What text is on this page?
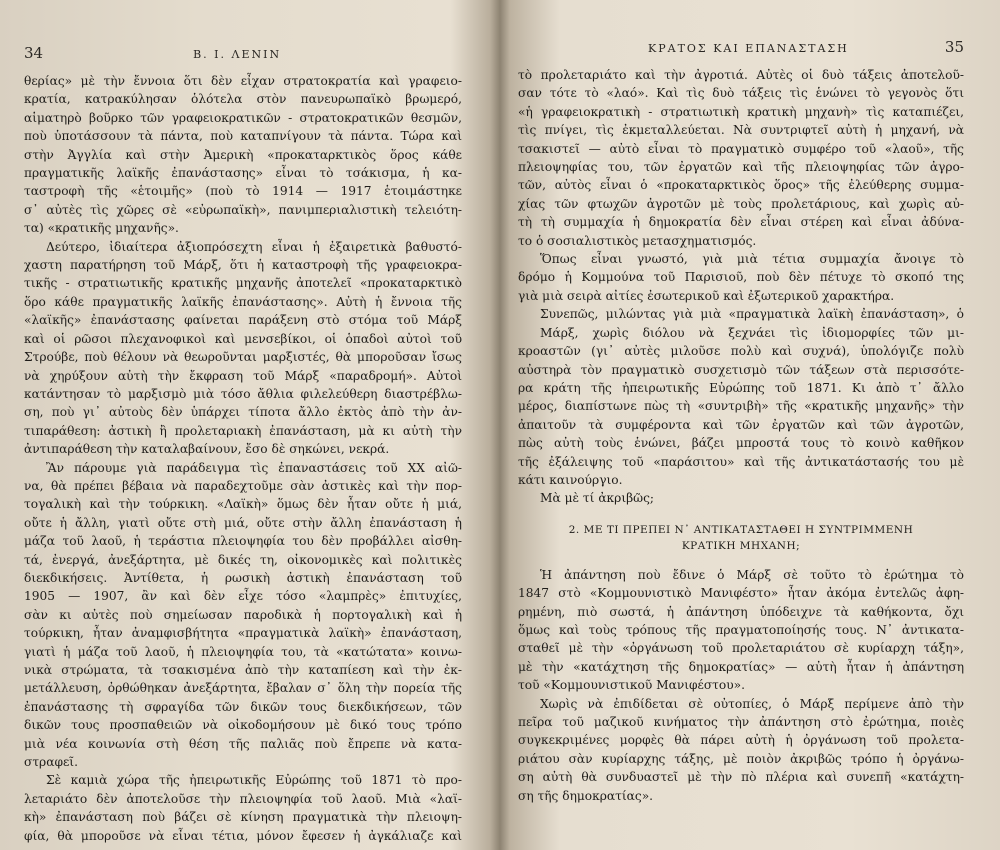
34	Β. Ι. ΛΕΝΙΝ
θερίας» μὲ τὴν ἔννοια ὅτι δὲν εἶχαν στρατοκρατία καὶ γραφειο-
κρατία, κατρακύλησαν ὁλότελα στὸν πανευρωπαϊκὸ βρωμερό,
αἱματηρὸ βοῦρκο τῶν γραφειοκρατικῶν - στρατοκρατικῶν θεσμῶν,
ποὺ ὑποτάσσουν τὰ πάντα, ποὺ καταπνίγουν τὰ πάντα. Τώρα καὶ
στὴν Ἀγγλία καὶ στὴν Ἀμερικὴ «προκαταρκτικὸς ὅρος κάθε
πραγματικῆς λαϊκῆς ἐπανάστασης» εἶναι τὸ τσάκισμα, ἡ κα-
ταστροφὴ τῆς «ἑτοιμῆς» (ποὺ τὸ 1914 — 1917 ἑτοιμάστηκε
σ᾽ αὐτὲς τὶς χῶρες σὲ «εὐρωπαϊκὴ», πανιμπεριαλιστικὴ τελειότη-
τα) «κρατικῆς μηχανῆς».
Δεύτερο, ἰδιαίτερα ἀξιοπρόσεχτη εἶναι ἡ ἐξαιρετικὰ βαθυστό-
χαστη παρατήρηση τοῦ Μάρξ, ὅτι ἡ καταστροφὴ τῆς γραφειοκρα-
τικῆς - στρατιωτικῆς κρατικῆς μηχανῆς ἀποτελεῖ «προκαταρκτικὸ
ὅρο κάθε πραγματικῆς λαϊκῆς ἐπανάστασης». Αὐτὴ ἡ ἔννοια τῆς
«λαϊκῆς» ἐπανάστασης φαίνεται παράξενη στὸ στόμα τοῦ Μάρξ
καὶ οἱ ρῶσοι πλεχανοφικοὶ καὶ μενσεβίκοι, οἱ ὁπαδοὶ αὐτοὶ τοῦ
Στρούβε, ποὺ θέλουν νὰ θεωροῦνται μαρξιστές, θὰ μποροῦσαν ἴσως
νὰ χηρύξουν αὐτὴ τὴν ἔκφραση τοῦ Μάρξ «παραδρομή». Αὐτοὶ
κατάντησαν τὸ μαρξισμὸ μιὰ τόσο ἄθλια φιλελεύθερη διαστρέβλω-
ση, ποὺ γι᾽ αὐτοὺς δὲν ὑπάρχει τίποτα ἄλλο ἐκτὸς ἀπὸ τὴν ἀν-
τιπαράθεση: ἀστικὴ ἢ προλεταριακὴ ἐπανάσταση, μὰ κι αὐτὴ τὴν
ἀντιπαράθεση τὴν καταλαβαίνουν, ἔσο δὲ σηκώνει, νεκρά.
Ἂν πάρουμε γιὰ παράδειγμα τὶς ἐπαναστάσεις τοῦ XX αἰῶ-
να, θὰ πρέπει βέβαια νὰ παραδεχτοῦμε σὰν ἀστικὲς καὶ τὴν πορ-
τογαλικὴ καὶ τὴν τούρκικη. «Λαϊκὴ» ὅμως δὲν ἦταν οὔτε ἡ μιά,
οὔτε ἡ ἄλλη, γιατὶ οὔτε στὴ μιά, οὔτε στὴν ἄλλη ἐπανάσταση ἡ
μάζα τοῦ λαοῦ, ἡ τεράστια πλειοψηφία του δὲν προβάλλει αἰσθη-
τά, ἐνεργά, ἀνεξάρτητα, μὲ δικές τη, οἰκονομικὲς καὶ πολιτικὲς
διεκδικήσεις. Ἀντίθετα, ἡ ρωσικὴ ἀστικὴ ἐπανάσταση τοῦ
1905 — 1907, ἂν καὶ δὲν εἶχε τόσο «λαμπρὲς» ἐπιτυχίες,
σὰν κι αὐτὲς ποὺ σημείωσαν παροδικὰ ἡ πορτογαλικὴ καὶ ἡ
τούρκικη, ἦταν ἀναμφισβήτητα «πραγματικὰ λαϊκὴ» ἐπανάσταση,
γιατὶ ἡ μάζα τοῦ λαοῦ, ἡ πλειοψηφία του, τὰ «κατώτατα» κοινω-
νικὰ στρώματα, τὰ τσακισμένα ἀπὸ τὴν καταπίεση καὶ τὴν ἐκ-
μετάλλευση, ὀρθώθηκαν ἀνεξάρτητα, ἔβαλαν σ᾽ ὅλη τὴν πορεία τῆς
ἐπανάστασης τὴ σφραγίδα τῶν δικῶν τους διεκδικήσεων, τῶν
δικῶν τους προσπαθειῶν νὰ οἰκοδομήσουν μὲ δικό τους τρόπο
μιὰ νέα κοινωνία στὴ θέση τῆς παλιᾶς ποὺ ἔπρεπε νὰ κατα-
στραφεῖ.
Σὲ καμιὰ χώρα τῆς ἠπειρωτικῆς Εὐρώπης τοῦ 1871 τὸ προ-
λεταριάτο δὲν ἀποτελοῦσε τὴν πλειοψηφία τοῦ λαοῦ. Μιὰ «λαϊ-
κὴ» ἐπανάσταση ποὺ βάζει σὲ κίνηση πραγματικὰ τὴν πλειοψη-
φία, θὰ μποροῦσε νὰ εἶναι τέτια, μόνον ἔφεσεν ἡ ἀγκάλιαζε καὶ
ΚΡΑΤΟΣ ΚΑΙ ΕΠΑΝΑΣΤΑΣΗ	35
τὸ προλεταριάτο καὶ τὴν ἀγροτιά. Αὐτὲς οἱ δυὸ τάξεις ἀποτελοῦ-
σαν τότε τὸ «λαό». Καὶ τὶς δυὸ τάξεις τὶς ἑνώνει τὸ γεγονὸς ὅτι
«ἡ γραφειοκρατικὴ - στρατιωτικὴ κρατικὴ μηχανὴ» τὶς καταπιέζει,
τὶς πνίγει, τὶς ἐκμεταλλεύεται. Νὰ συντριφτεῖ αὐτὴ ἡ μηχανή, νὰ
τσακιστεῖ — αὐτὸ εἶναι τὸ πραγματικὸ συμφέρο τοῦ «λαοῦ», τῆς
πλειοψηφίας του, τῶν ἐργατῶν καὶ τῆς πλειοψηφίας τῶν ἀγρο-
τῶν, αὐτὸς εἶναι ὁ «προκαταρκτικὸς ὅρος» τῆς ἐλεύθερης συμμα-
χίας τῶν φτωχῶν ἀγροτῶν μὲ τοὺς προλετάριους, καὶ χωρὶς αὐ-
τὴ τὴ συμμαχία ἡ δημοκρατία δὲν εἶναι στέρεη καὶ εἶναι ἀδύνα-
το ὁ σοσιαλιστικὸς μετασχηματισμός.
Ὅπως εἶναι γνωστό, γιὰ μιὰ τέτια συμμαχία ἄνοιγε τὸ
δρόμο ἡ Κομμούνα τοῦ Παρισιοῦ, ποὺ δὲν πέτυχε τὸ σκοπό της
γιὰ μιὰ σειρὰ αἰτίες ἐσωτερικοῦ καὶ ἐξωτερικοῦ χαρακτήρα.
Συνεπῶς, μιλώντας γιὰ μιὰ «πραγματικὰ λαϊκὴ ἐπανάσταση», ὁ Μάρξ, χωρὶς διόλου νὰ ξεχνάει τὶς ἰδιομορφίες τῶν μι-
κροαστῶν (γι᾽ αὐτὲς μιλοῦσε πολὺ καὶ συχνά), ὑπολόγιζε πολὺ
αὐστηρὰ τὸν πραγματικὸ συσχετισμὸ τῶν τάξεων στὰ περισσότε-
ρα κράτη τῆς ἠπειρωτικῆς Εὐρώπης τοῦ 1871. Κι ἀπὸ τ᾽ ἄλλο
μέρος, διαπίστωνε πὼς τὴ «συντριβὴ» τῆς «κρατικῆς μηχανῆς» τὴν
ἀπαιτοῦν τὰ συμφέροντα καὶ τῶν ἐργατῶν καὶ τῶν ἀγροτῶν,
πὼς αὐτὴ τοὺς ἑνώνει, βάζει μπροστά τους τὸ κοινὸ καθῆκον
τῆς ἐξάλειψης τοῦ «παράσιτου» καὶ τῆς ἀντικατάστασής του μὲ
κάτι καινούργιο.
Μὰ μὲ τί ἀκριβῶς;
2. ΜΕ ΤΙ ΠΡΕΠΕΙ Ν᾽ ΑΝΤΙΚΑΤΑΣΤΑΘΕΙ Η ΣΥΝΤΡΙΜΜΕΝΗ
ΚΡΑΤΙΚΗ ΜΗΧΑΝΗ;
Ἡ ἀπάντηση ποὺ ἔδινε ὁ Μάρξ σὲ τοῦτο τὸ ἐρώτημα τὸ
1847 στὸ «Κομμουνιστικὸ Μανιφέστο» ἦταν ἀκόμα ἐντελῶς ἀφη-
ρημένη, πιὸ σωστά, ἡ ἀπάντηση ὑπόδειχνε τὰ καθήκοντα, ὄχι
ὅμως καὶ τοὺς τρόπους τῆς πραγματοποίησής τους. Ν᾽ ἀντικατα-
σταθεῖ μὲ τὴν «ὀργάνωση τοῦ προλεταριάτου σὲ κυρίαρχη τάξη»,
μὲ τὴν «κατάχτηση τῆς δημοκρατίας» — αὐτὴ ἦταν ἡ ἀπάντηση
τοῦ «Κομμουνιστικοῦ Μανιφέστου».
Χωρὶς νὰ ἐπιδίδεται σὲ οὐτοπίες, ὁ Μάρξ περίμενε ἀπὸ τὴν
πεῖρα τοῦ μαζικοῦ κινήματος τὴν ἀπάντηση στὸ ἐρώτημα, ποιὲς
συγκεκριμένες μορφὲς θὰ πάρει αὐτὴ ἡ ὀργάνωση τοῦ προλετα-
ριάτου σὰν κυρίαρχης τάξης, μὲ ποιὸν ἀκριβῶς τρόπο ἡ ὀργάνω-
ση αὐτὴ θὰ συνδυαστεῖ μὲ τὴν πὸ πλέρια καὶ συνεπῆ «κατάχτη-
ση τῆς δημοκρατίας».
